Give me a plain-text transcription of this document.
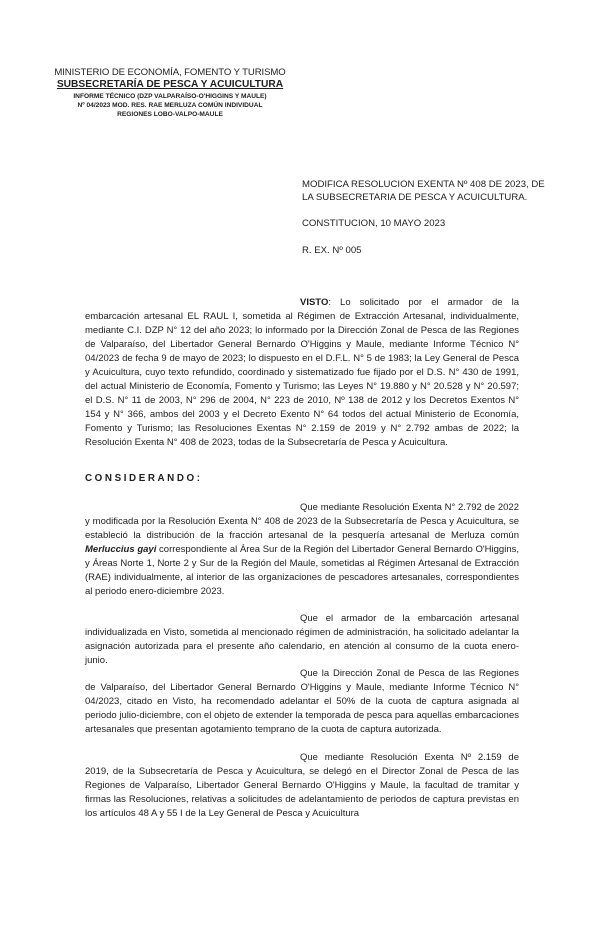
MINISTERIO DE ECONOMÍA, FOMENTO Y TURISMO
SUBSECRETARÍA DE PESCA Y ACUICULTURA
INFORME TÉCNICO (DZP VALPARAÍSO-O'HIGGINS Y MAULE)
Nº 04/2023 MOD. RES. RAE MERLUZA COMÚN INDIVIDUAL
REGIONES LOBO-VALPO-MAULE
MODIFICA RESOLUCION EXENTA Nº 408 DE 2023, DE
LA SUBSECRETARIA DE PESCA Y ACUICULTURA.
CONSTITUCION, 10 MAYO 2023
R. EX. Nº 005
VISTO: Lo solicitado por el armador de la embarcación artesanal EL RAUL I, sometida al Régimen de Extracción Artesanal, individualmente, mediante C.I. DZP N° 12 del año 2023; lo informado por la Dirección Zonal de Pesca de las Regiones de Valparaíso, del Libertador General Bernardo O'Higgins y Maule, mediante Informe Técnico N° 04/2023 de fecha 9 de mayo de 2023; lo dispuesto en el D.F.L. N° 5 de 1983; la Ley General de Pesca y Acuicultura, cuyo texto refundido, coordinado y sistematizado fue fijado por el D.S. N° 430 de 1991, del actual Ministerio de Economía, Fomento y Turismo; las Leyes N° 19.880 y N° 20.528 y N° 20.597; el D.S. N° 11 de 2003, N° 296 de 2004, N° 223 de 2010, Nº 138 de 2012 y los Decretos Exentos N° 154 y N° 366, ambos del 2003 y el Decreto Exento N° 64 todos del actual Ministerio de Economía, Fomento y Turismo; las Resoluciones Exentas N° 2.159 de 2019 y N° 2.792 ambas de 2022; la Resolución Exenta N° 408 de 2023, todas de la Subsecretaría de Pesca y Acuicultura.
CONSIDERANDO:
Que mediante Resolución Exenta N° 2.792 de 2022 y modificada por la Resolución Exenta N° 408 de 2023 de la Subsecretaría de Pesca y Acuicultura, se estableció la distribución de la fracción artesanal de la pesquería artesanal de Merluza común Merluccius gayi correspondiente al Área Sur de la Región del Libertador General Bernardo O'Higgins, y Áreas Norte 1, Norte 2 y Sur de la Región del Maule, sometidas al Régimen Artesanal de Extracción (RAE) individualmente, al interior de las organizaciones de pescadores artesanales, correspondientes al periodo enero-diciembre 2023.
Que el armador de la embarcación artesanal individualizada en Visto, sometida al mencionado régimen de administración, ha solicitado adelantar la asignación autorizada para el presente año calendario, en atención al consumo de la cuota enero-junio.
Que la Dirección Zonal de Pesca de las Regiones de Valparaíso, del Libertador General Bernardo O'Higgins y Maule, mediante Informe Técnico N° 04/2023, citado en Visto, ha recomendado adelantar el 50% de la cuota de captura asignada al periodo julio-diciembre, con el objeto de extender la temporada de pesca para aquellas embarcaciones artesanales que presentan agotamiento temprano de la cuota de captura autorizada.
Que mediante Resolución Exenta Nº 2.159 de 2019, de la Subsecretaría de Pesca y Acuicultura, se delegó en el Director Zonal de Pesca de las Regiones de Valparaíso, Libertador General Bernardo O'Higgins y Maule, la facultad de tramitar y firmas las Resoluciones, relativas a solicitudes de adelantamiento de periodos de captura previstas en los artículos 48 A y 55 I de la Ley General de Pesca y Acuicultura
